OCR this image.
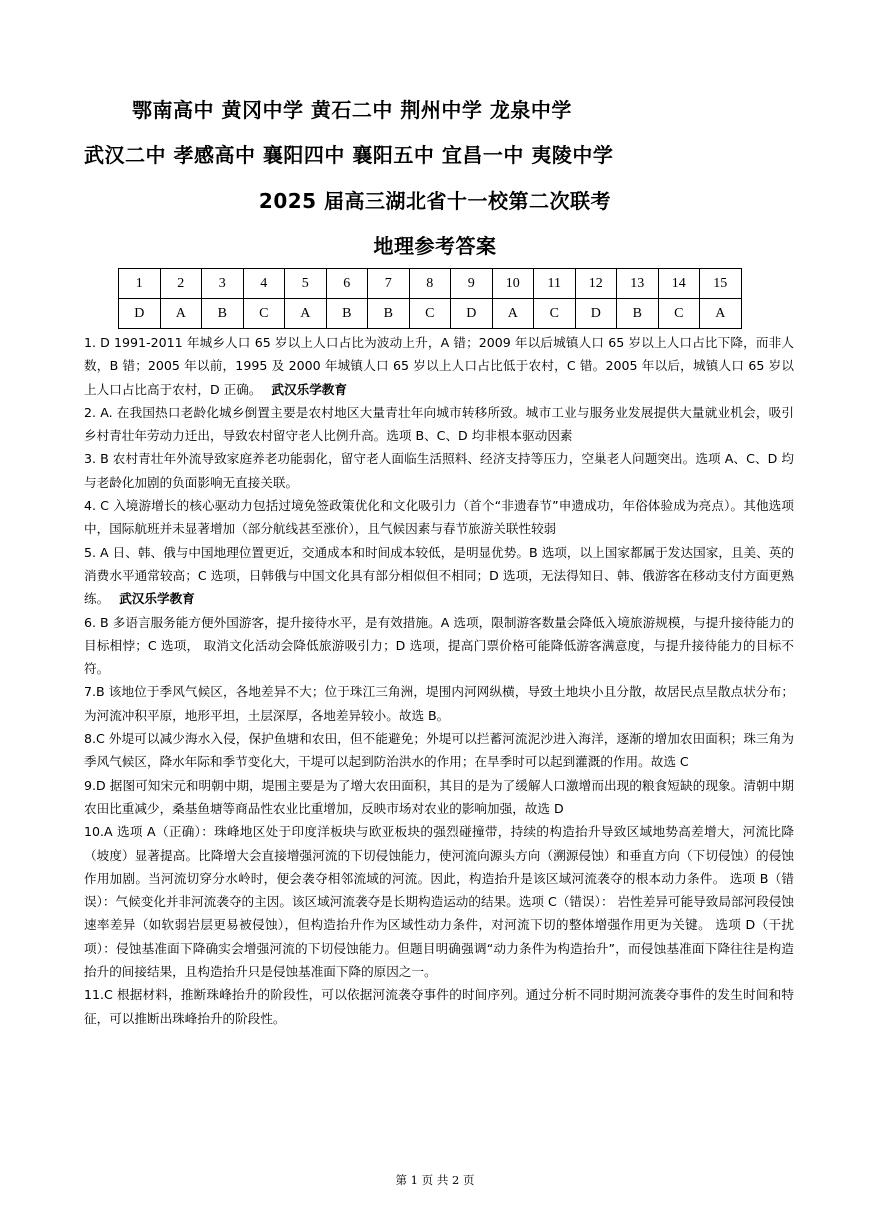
鄂南高中 黄冈中学 黄石二中 荆州中学 龙泉中学
武汉二中 孝感高中 襄阳四中 襄阳五中 宜昌一中 夷陵中学
2025 届高三湖北省十一校第二次联考
地理参考答案
1	2	3	4	5	6	7	8	9	10	11	12	13	14	15
D	A	B	C	A	B	B	C	D	A	C	D	B	C	A

1. D 1991-2011 年城乡人口 65 岁以上人口占比为波动上升，A 错；2009 年以后城镇人口 65 岁以上人口占比下降，而非人数，B 错；2005 年以前，1995 及 2000 年城镇人口 65 岁以上人口占比低于农村，C 错。2005 年以后，城镇人口 65 岁以上人口占比高于农村，D 正确。 武汉乐学教育

2. A. 在我国热口老龄化城乡倒置主要是农村地区大量青壮年向城市转移所致。城市工业与服务业发展提供大量就业机会，吸引乡村青壮年劳动力迁出，导致农村留守老人比例升高。选项 B、C、D 均非根本驱动因素

3. B 农村青壮年外流导致家庭养老功能弱化，留守老人面临生活照料、经济支持等压力，空巢老人问题突出。选项 A、C、D 均与老龄化加剧的负面影响无直接关联。

4. C 入境游增长的核心驱动力包括过境免签政策优化和文化吸引力（首个“非遗春节”申遗成功，年俗体验成为亮点）。其他选项中，国际航班并未显著增加（部分航线甚至涨价），且气候因素与春节旅游关联性较弱

5. A 日、韩、俄与中国地理位置更近，交通成本和时间成本较低，是明显优势。B 选项，以上国家都属于发达国家，且美、英的消费水平通常较高；C 选项，日韩俄与中国文化具有部分相似但不相同；D 选项，无法得知日、韩、俄游客在移动支付方面更熟练。 武汉乐学教育

6. B 多语言服务能方便外国游客，提升接待水平，是有效措施。A 选项，限制游客数量会降低入境旅游规模，与提升接待能力的目标相悖；C 选项， 取消文化活动会降低旅游吸引力；D 选项，提高门票价格可能降低游客满意度，与提升接待能力的目标不符。

7.B 该地位于季风气候区，各地差异不大；位于珠江三角洲，堤围内河网纵横，导致土地块小且分散，故居民点呈散点状分布；为河流冲积平原，地形平坦，土层深厚，各地差异较小。故选 B。

8.C 外堤可以减少海水入侵，保护鱼塘和农田，但不能避免；外堤可以拦蓄河流泥沙进入海洋，逐渐的增加农田面积；珠三角为季风气候区，降水年际和季节变化大，干堤可以起到防治洪水的作用；在旱季时可以起到灌溉的作用。故选 C

9.D 据图可知宋元和明朝中期，堤围主要是为了增大农田面积，其目的是为了缓解人口激增而出现的粮食短缺的现象。清朝中期农田比重减少，桑基鱼塘等商品性农业比重增加，反映市场对农业的影响加强，故选 D

10.A 选项 A（正确）：珠峰地区处于印度洋板块与欧亚板块的强烈碰撞带，持续的构造抬升导致区域地势高差增大，河流比降（坡度）显著提高。比降增大会直接增强河流的下切侵蚀能力，使河流向源头方向（溯源侵蚀）和垂直方向（下切侵蚀）的侵蚀作用加剧。当河流切穿分水岭时，便会袭夺相邻流域的河流。因此，构造抬升是该区域河流袭夺的根本动力条件。 选项 B（错误）：气候变化并非河流袭夺的主因。该区域河流袭夺是长期构造运动的结果。选项 C（错误）： 岩性差异可能导致局部河段侵蚀速率差异（如软弱岩层更易被侵蚀），但构造抬升作为区域性动力条件，对河流下切的整体增强作用更为关键。 选项 D（干扰项）：侵蚀基准面下降确实会增强河流的下切侵蚀能力。但题目明确强调“动力条件为构造抬升”，而侵蚀基准面下降往往是构造抬升的间接结果，且构造抬升只是侵蚀基准面下降的原因之一。

11.C 根据材料，推断珠峰抬升的阶段性，可以依据河流袭夺事件的时间序列。通过分析不同时期河流袭夺事件的发生时间和特征，可以推断出珠峰抬升的阶段性。

第 1 页 共 2 页
